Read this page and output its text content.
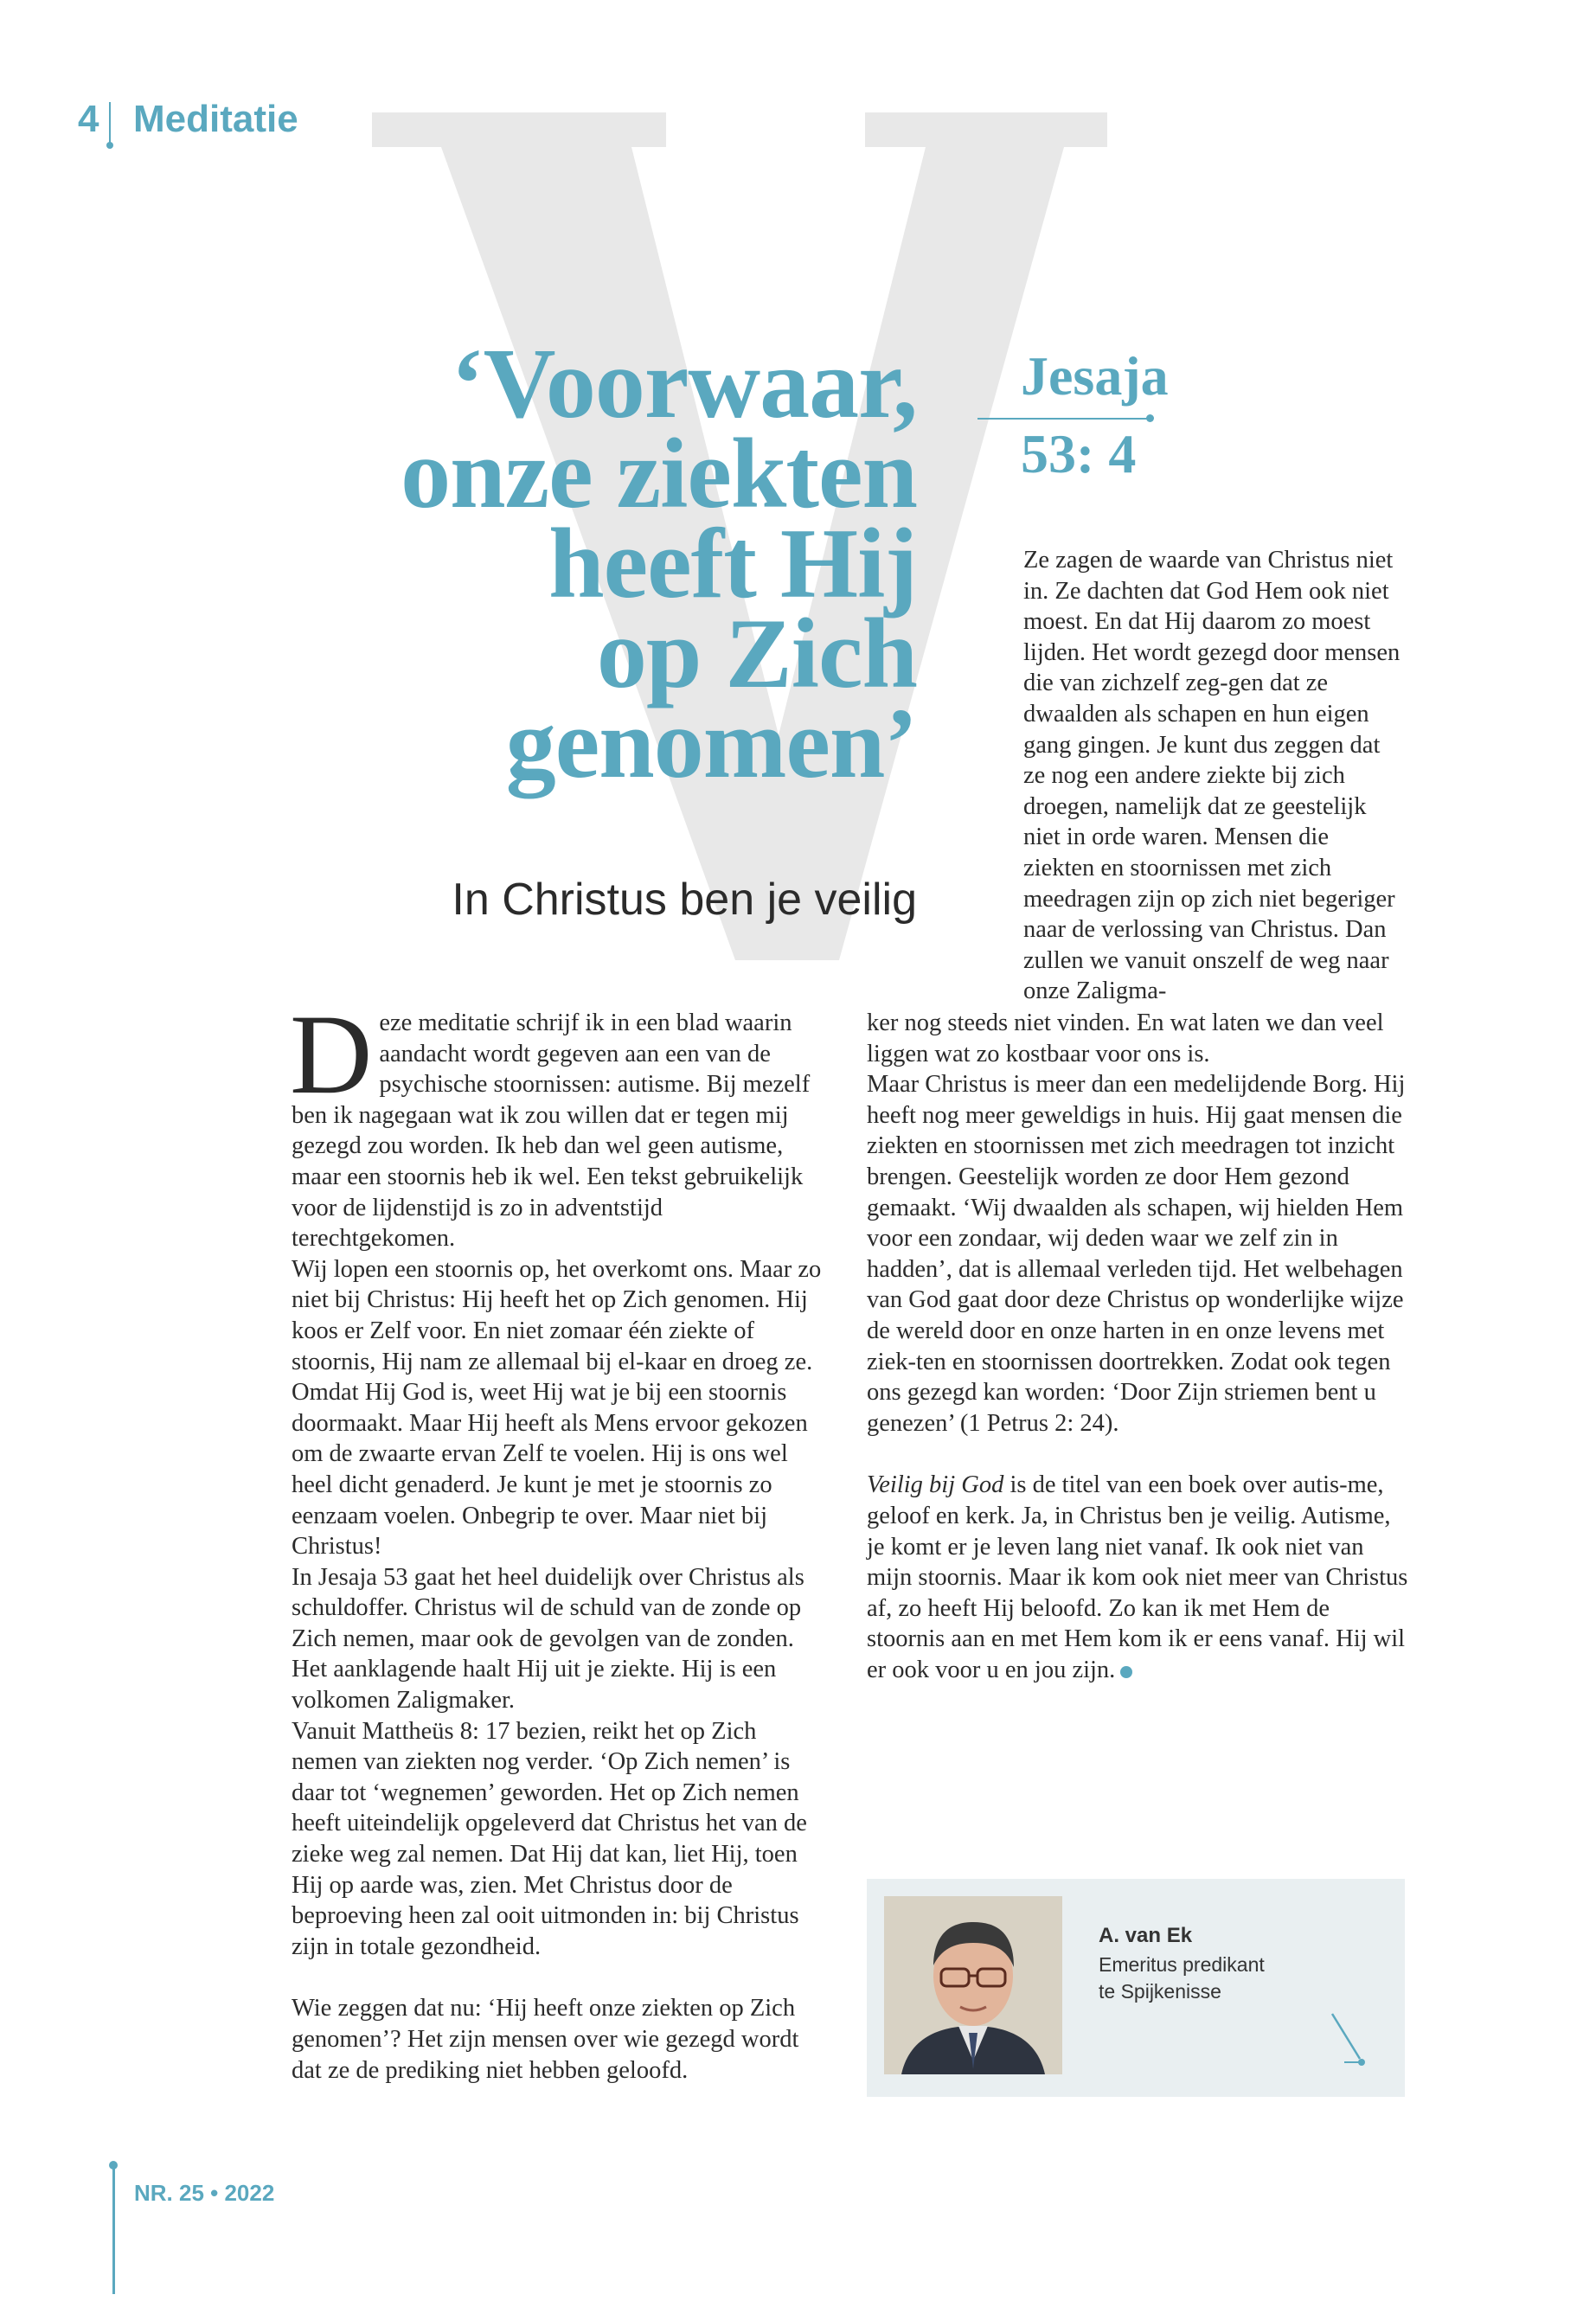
4 Meditatie
‘Voorwaar,
onze ziekten
heeft Hij
op Zich
genomen’
In Christus ben je veilig
Jesaja
53: 4

Ze zagen de waarde van Christus niet in. Ze dachten dat God Hem ook niet moest. En dat Hij daarom zo moest lijden. Het wordt gezegd door mensen die van zichzelf zeg-gen dat ze dwaalden als schapen en hun eigen gang gingen. Je kunt dus zeggen dat ze nog een andere ziekte bij zich droegen, namelijk dat ze geestelijk niet in orde waren. Mensen die ziekten en stoornissen met zich meedragen zijn op zich niet begeriger naar de verlossing van Christus. Dan zullen we vanuit onszelf de weg naar onze Zaligma-

Deze meditatie schrijf ik in een blad waarin aandacht wordt gegeven aan een van de psychische stoornissen: autisme. Bij mezelf ben ik nagegaan wat ik zou willen dat er tegen mij gezegd zou worden. Ik heb dan wel geen autisme, maar een stoornis heb ik wel. Een tekst gebruikelijk voor de lijdenstijd is zo in adventstijd terechtgekomen.

Wij lopen een stoornis op, het overkomt ons. Maar zo niet bij Christus: Hij heeft het op Zich genomen. Hij koos er Zelf voor. En niet zomaar één ziekte of stoornis, Hij nam ze allemaal bij el-kaar en droeg ze. Omdat Hij God is, weet Hij wat je bij een stoornis doormaakt. Maar Hij heeft als Mens ervoor gekozen om de zwaarte ervan Zelf te voelen. Hij is ons wel heel dicht genaderd. Je kunt je met je stoornis zo eenzaam voelen. Onbegrip te over. Maar niet bij Christus!

In Jesaja 53 gaat het heel duidelijk over Christus als schuldoffer. Christus wil de schuld van de zonde op Zich nemen, maar ook de gevolgen van de zonden. Het aanklagende haalt Hij uit je ziekte. Hij is een volkomen Zaligmaker.

Vanuit Mattheüs 8: 17 bezien, reikt het op Zich nemen van ziekten nog verder. ‘Op Zich nemen’ is daar tot ‘wegnemen’ geworden. Het op Zich nemen heeft uiteindelijk opgeleverd dat Christus het van de zieke weg zal nemen. Dat Hij dat kan, liet Hij, toen Hij op aarde was, zien. Met Christus door de beproeving heen zal ooit uitmonden in: bij Christus zijn in totale gezondheid.

Wie zeggen dat nu: ‘Hij heeft onze ziekten op Zich genomen’? Het zijn mensen over wie gezegd wordt dat ze de prediking niet hebben geloofd.

ker nog steeds niet vinden. En wat laten we dan veel liggen wat zo kostbaar voor ons is.

Maar Christus is meer dan een medelijdende Borg. Hij heeft nog meer geweldigs in huis. Hij gaat mensen die ziekten en stoornissen met zich meedragen tot inzicht brengen. Geestelijk worden ze door Hem gezond gemaakt. ‘Wij dwaalden als schapen, wij hielden Hem voor een zondaar, wij deden waar we zelf zin in hadden’, dat is allemaal verleden tijd. Het welbehagen van God gaat door deze Christus op wonderlijke wijze de wereld door en onze harten in en onze levens met ziek-ten en stoornissen doortrekken. Zodat ook tegen ons gezegd kan worden: ‘Door Zijn striemen bent u genezen’ (1 Petrus 2: 24).

Veilig bij God is de titel van een boek over autis-me, geloof en kerk. Ja, in Christus ben je veilig. Autisme, je komt er je leven lang niet vanaf. Ik ook niet van mijn stoornis. Maar ik kom ook niet meer van Christus af, zo heeft Hij beloofd. Zo kan ik met Hem de stoornis aan en met Hem kom ik er eens vanaf. Hij wil er ook voor u en jou zijn.

A. van Ek
Emeritus predikant
te Spijkenisse
NR. 25 • 2022
